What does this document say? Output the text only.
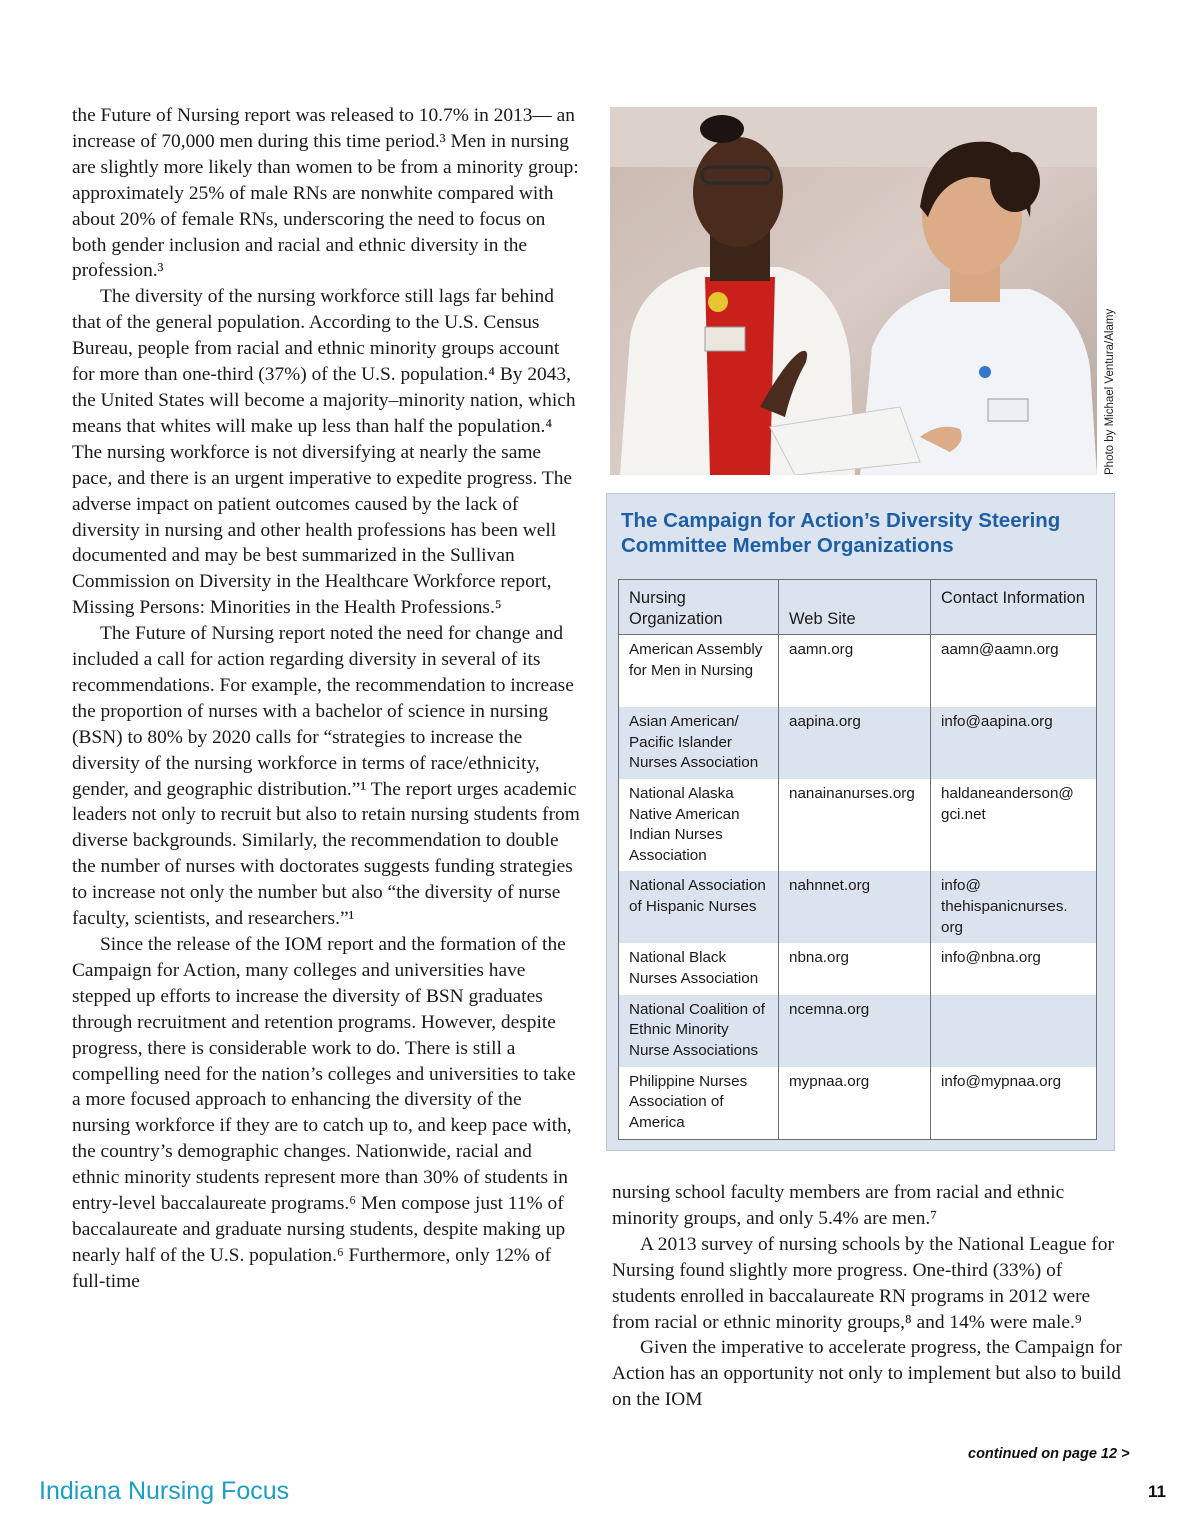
the Future of Nursing report was released to 10.7% in 2013— an increase of 70,000 men during this time period.³ Men in nursing are slightly more likely than women to be from a minority group: approximately 25% of male RNs are nonwhite compared with about 20% of female RNs, underscoring the need to focus on both gender inclusion and racial and ethnic diversity in the profession.³

The diversity of the nursing workforce still lags far behind that of the general population. According to the U.S. Census Bureau, people from racial and ethnic minority groups account for more than one-third (37%) of the U.S. population.⁴ By 2043, the United States will become a majority–minority nation, which means that whites will make up less than half the population.⁴ The nursing workforce is not diversifying at nearly the same pace, and there is an urgent imperative to expedite progress. The adverse impact on patient outcomes caused by the lack of diversity in nursing and other health professions has been well documented and may be best summarized in the Sullivan Commission on Diversity in the Healthcare Workforce report, Missing Persons: Minorities in the Health Professions.⁵

The Future of Nursing report noted the need for change and included a call for action regarding diversity in several of its recommendations. For example, the recommendation to increase the proportion of nurses with a bachelor of science in nursing (BSN) to 80% by 2020 calls for “strategies to increase the diversity of the nursing workforce in terms of race/ethnicity, gender, and geographic distribution.”¹ The report urges academic leaders not only to recruit but also to retain nursing students from diverse backgrounds. Similarly, the recommendation to double the number of nurses with doctorates suggests funding strategies to increase not only the number but also “the diversity of nurse faculty, scientists, and researchers.”¹

Since the release of the IOM report and the formation of the Campaign for Action, many colleges and universities have stepped up efforts to increase the diversity of BSN graduates through recruitment and retention programs. However, despite progress, there is considerable work to do. There is still a compelling need for the nation’s colleges and universities to take a more focused approach to enhancing the diversity of the nursing workforce if they are to catch up to, and keep pace with, the country’s demographic changes. Nationwide, racial and ethnic minority students represent more than 30% of students in entry-level baccalaureate programs.⁶ Men compose just 11% of baccalaureate and graduate nursing students, despite making up nearly half of the U.S. population.⁶ Furthermore, only 12% of full-time

Photo by Michael Ventura/Alamy
The Campaign for Action’s Diversity Steering Committee Member Organizations
Nursing Organization	Web Site	Contact Information
American Assembly for Men in Nursing	aamn.org	aamn@aamn.org
Asian American/ Pacific Islander Nurses Association	aapina.org	info@aapina.org
National Alaska Native American Indian Nurses Association	nanainanurses.org	haldaneanderson@ gci.net
National Association of Hispanic Nurses	nahnnet.org	info@ thehispanicnurses. org
National Black Nurses Association	nbna.org	info@nbna.org
National Coalition of Ethnic Minority Nurse Associations	ncemna.org	
Philippine Nurses Association of America	mypnaa.org	info@mypnaa.org

nursing school faculty members are from racial and ethnic minority groups, and only 5.4% are men.⁷

A 2013 survey of nursing schools by the National League for Nursing found slightly more progress. One-third (33%) of students enrolled in baccalaureate RN programs in 2012 were from racial or ethnic minority groups,⁸ and 14% were male.⁹

Given the imperative to accelerate progress, the Campaign for Action has an opportunity not only to implement but also to build on the IOM

continued on page 12 >
Indiana Nursing Focus	11
